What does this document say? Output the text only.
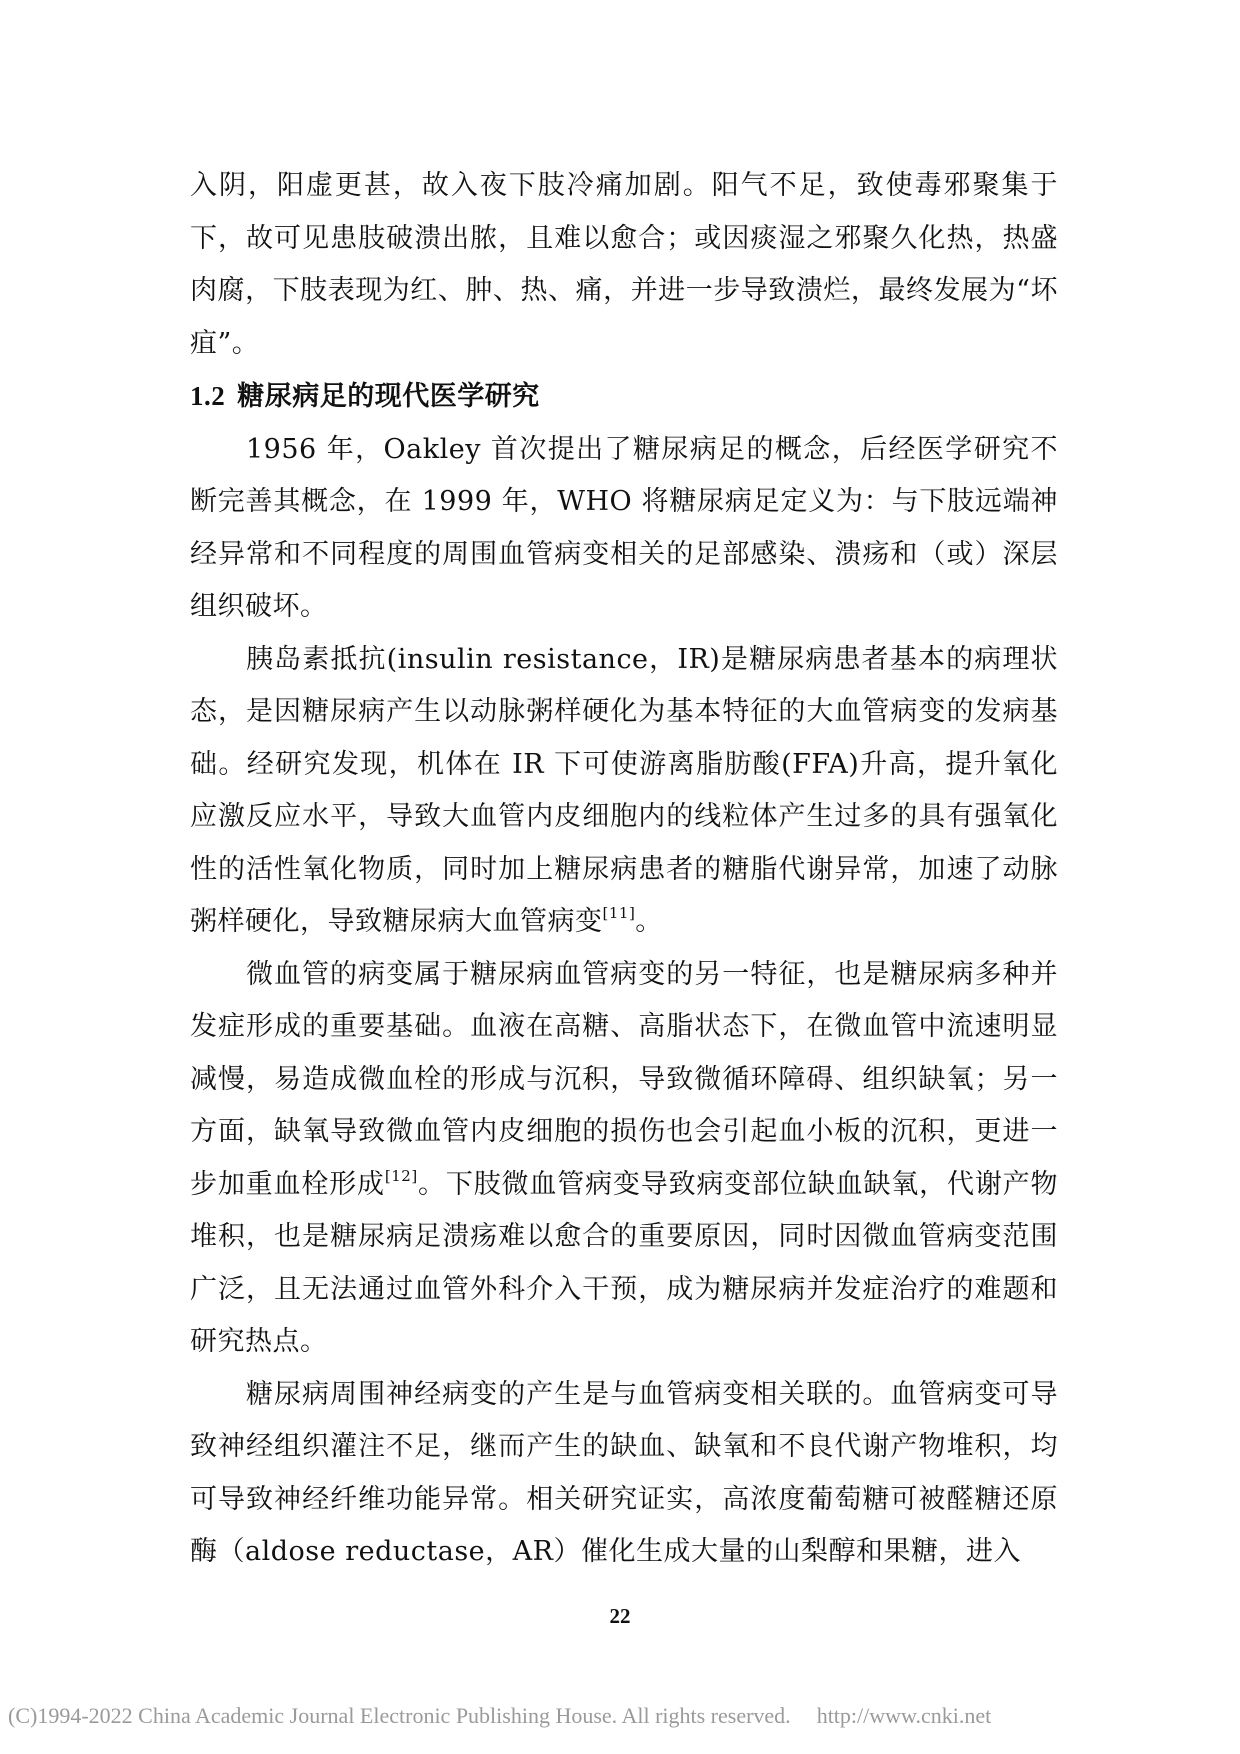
入阴，阳虚更甚，故入夜下肢冷痛加剧。阳气不足，致使毒邪聚集于下，故可见患肢破溃出脓，且难以愈合；或因痰湿之邪聚久化热，热盛肉腐，下肢表现为红、肿、热、痛，并进一步导致溃烂，最终发展为“坏疽”。

1.2 糖尿病足的现代医学研究

1956 年，Oakley 首次提出了糖尿病足的概念，后经医学研究不断完善其概念，在 1999 年，WHO 将糖尿病足定义为：与下肢远端神经异常和不同程度的周围血管病变相关的足部感染、溃疡和（或）深层组织破坏。

胰岛素抵抗(insulin resistance，IR)是糖尿病患者基本的病理状态，是因糖尿病产生以动脉粥样硬化为基本特征的大血管病变的发病基础。经研究发现，机体在 IR 下可使游离脂肪酸(FFA)升高，提升氧化应激反应水平，导致大血管内皮细胞内的线粒体产生过多的具有强氧化性的活性氧化物质，同时加上糖尿病患者的糖脂代谢异常，加速了动脉粥样硬化，导致糖尿病大血管病变[11]。

微血管的病变属于糖尿病血管病变的另一特征，也是糖尿病多种并发症形成的重要基础。血液在高糖、高脂状态下，在微血管中流速明显减慢，易造成微血栓的形成与沉积，导致微循环障碍、组织缺氧；另一方面，缺氧导致微血管内皮细胞的损伤也会引起血小板的沉积，更进一步加重血栓形成[12]。下肢微血管病变导致病变部位缺血缺氧，代谢产物堆积，也是糖尿病足溃疡难以愈合的重要原因，同时因微血管病变范围广泛，且无法通过血管外科介入干预，成为糖尿病并发症治疗的难题和研究热点。

糖尿病周围神经病变的产生是与血管病变相关联的。血管病变可导致神经组织灌注不足，继而产生的缺血、缺氧和不良代谢产物堆积，均可导致神经纤维功能异常。相关研究证实，高浓度葡萄糖可被醛糖还原酶（aldose reductase，AR）催化生成大量的山梨醇和果糖，进入

22
(C)1994-2022 China Academic Journal Electronic Publishing House. All rights reserved. http://www.cnki.net
